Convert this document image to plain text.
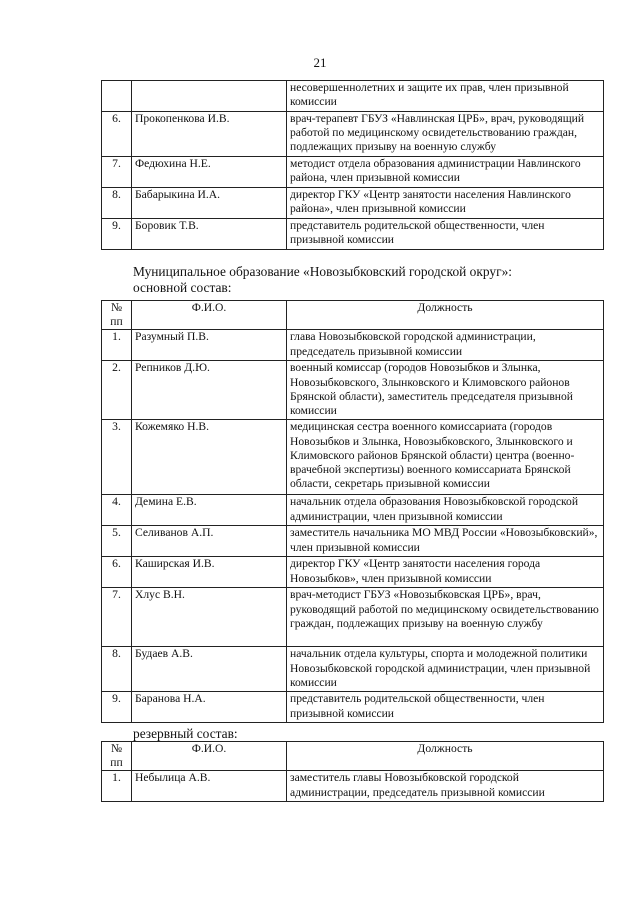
21
		несовершеннолетних и защите их прав, член призывной комиссии
6.	Прокопенкова И.В.	врач-терапевт ГБУЗ «Навлинская ЦРБ», врач, руководящий работой по медицинскому освидетельствованию граждан, подлежащих призыву на военную службу
7.	Федюхина Н.Е.	методист отдела образования администрации Навлинского района, член призывной комиссии
8.	Бабарыкина И.А.	директор ГКУ «Центр занятости населения Навлинского района», член призывной комиссии
9.	Боровик Т.В.	представитель родительской общественности, член призывной комиссии
Муниципальное образование «Новозыбковский городской округ»:
основной состав:
№ пп	Ф.И.О.	Должность
1.	Разумный П.В.	глава Новозыбковской городской администрации, председатель призывной комиссии
2.	Репников Д.Ю.	военный комиссар (городов Новозыбков и Злынка, Новозыбковского, Злынковского и Климовского районов Брянской области), заместитель председателя призывной комиссии
3.	Кожемяко Н.В.	медицинская сестра военного комиссариата (городов Новозыбков и Злынка, Новозыбковского, Злынковского и Климовского районов Брянской области) центра (военно-врачебной экспертизы) военного комиссариата Брянской области, секретарь призывной комиссии
4.	Демина Е.В.	начальник отдела образования Новозыбковской городской администрации, член призывной комиссии
5.	Селиванов А.П.	заместитель начальника МО МВД России «Новозыбковский», член призывной комиссии
6.	Каширская И.В.	директор ГКУ «Центр занятости населения города Новозыбков», член призывной комиссии
7.	Хлус В.Н.	врач-методист ГБУЗ «Новозыбковская ЦРБ», врач, руководящий работой по медицинскому освидетельствованию граждан, подлежащих призыву на военную службу
8.	Будаев А.В.	начальник отдела культуры, спорта и молодежной политики Новозыбковской городской администрации, член призывной комиссии
9.	Баранова Н.А.	представитель родительской общественности, член призывной комиссии
резервный состав:
№ пп	Ф.И.О.	Должность
1.	Небылица А.В.	заместитель главы Новозыбковской городской администрации, председатель призывной комиссии
